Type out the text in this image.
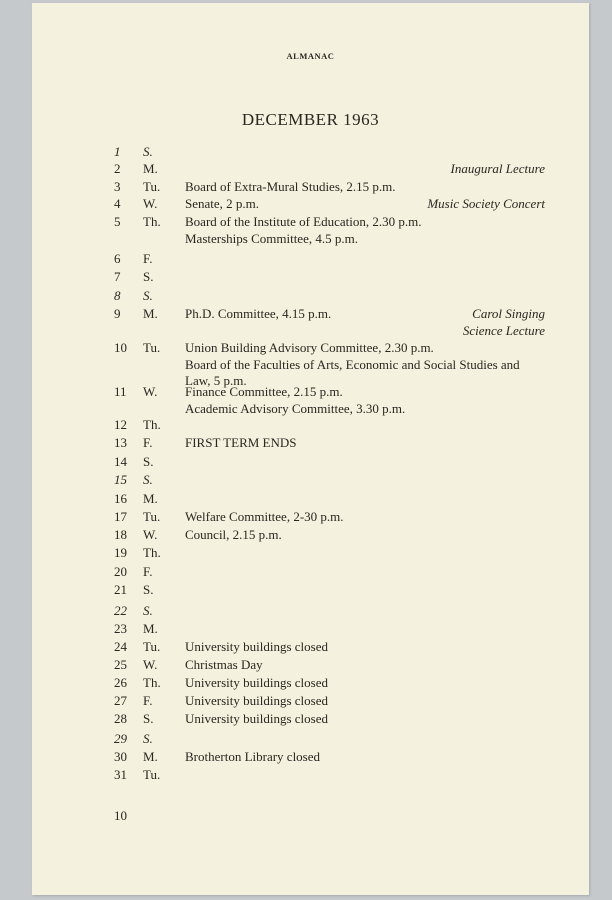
ALMANAC
DECEMBER 1963
1	S.
2	M.	Inaugural Lecture
3	Tu. Board of Extra-Mural Studies, 2.15 p.m.
4	W. Senate, 2 p.m.	Music Society Concert
5	Th. Board of the Institute of Education, 2.30 p.m.
Masterships Committee, 4.5 p.m.
6	F.
7	S.
8	S.
9	M. Ph.D. Committee, 4.15 p.m.	Carol Singing
Science Lecture
10	Tu. Union Building Advisory Committee, 2.30 p.m.
Board of the Faculties of Arts, Economic and Social Studies and
Law, 5 p.m.
11	W. Finance Committee, 2.15 p.m.
Academic Advisory Committee, 3.30 p.m.
12	Th.
13	F.	FIRST TERM ENDS
14	S.
15	S.
16	M.
17	Tu. Welfare Committee, 2-30 p.m.
18	W. Council, 2.15 p.m.
19	Th.
20	F.
21	S.
22	S.
23	M.
24	Tu. University buildings closed
25	W. Christmas Day
26	Th. University buildings closed
27	F.	University buildings closed
28	S. University buildings closed
29	S.
30	M. Brotherton Library closed
31	Tu.
10
